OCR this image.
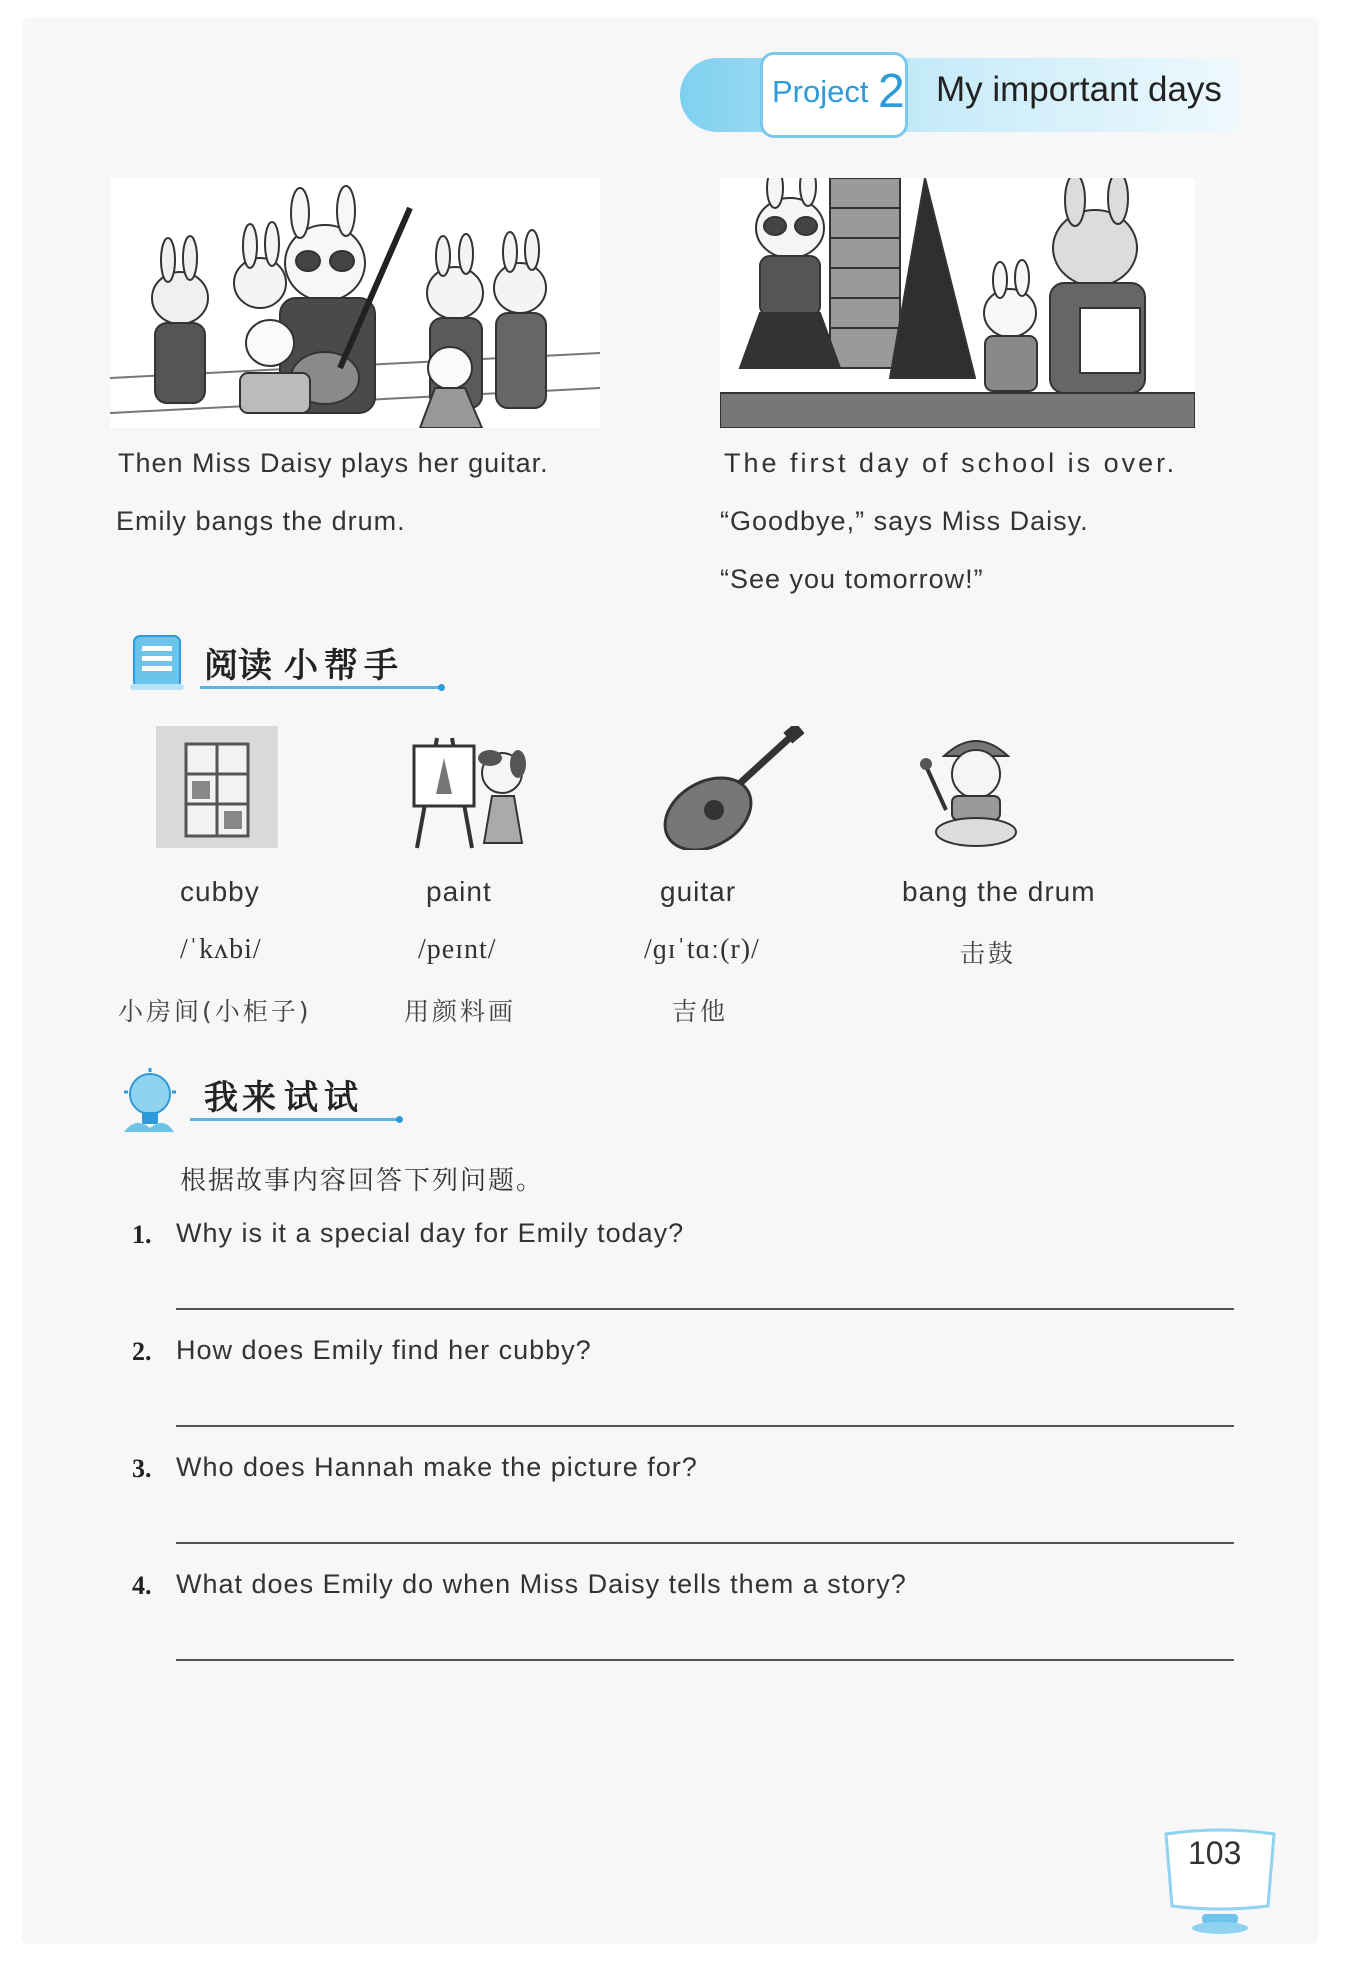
Project 2 My important days
Then Miss Daisy plays her guitar.
Emily bangs the drum.
The first day of school is over.
“Goodbye,” says Miss Daisy.
“See you tomorrow!”
阅读 小帮手
cubby	paint	guitar	bang the drum
/ˈkʌbi/	/peɪnt/	/ɡɪˈtɑː(r)/	击鼓
小房间(小柜子)	用颜料画	吉他
我来 试试
根据故事内容回答下列问题。
1. Why is it a special day for Emily today?
2. How does Emily find her cubby?
3. Who does Hannah make the picture for?
4. What does Emily do when Miss Daisy tells them a story?
103
